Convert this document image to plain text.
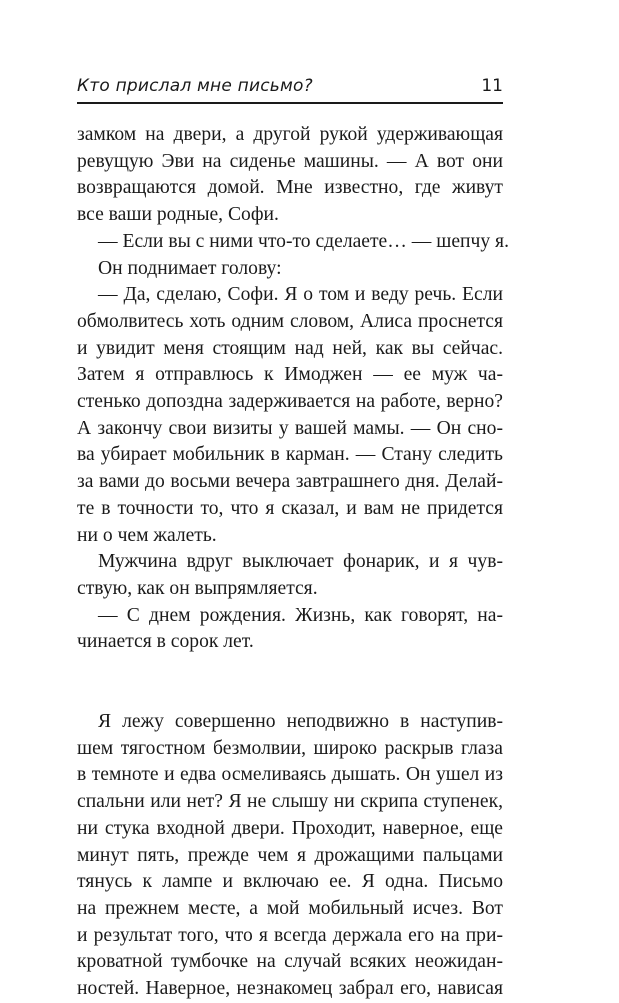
Кто прислал мне письмо?	11
замком на двери, а другой рукой удерживающая
ревущую Эви на сиденье машины. — А вот они
возвращаются домой. Мне известно, где живут
все ваши родные, Софи.
— Если вы с ними что-то сделаете… — шепчу я.
Он поднимает голову:
— Да, сделаю, Софи. Я о том и веду речь. Если
обмолвитесь хоть одним словом, Алиса проснется
и увидит меня стоящим над ней, как вы сейчас.
Затем я отправлюсь к Имоджен — ее муж ча-
стенько допоздна задерживается на работе, верно?
А закончу свои визиты у вашей мамы. — Он сно-
ва убирает мобильник в карман. — Стану следить
за вами до восьми вечера завтрашнего дня. Делай-
те в точности то, что я сказал, и вам не придется
ни о чем жалеть.
Мужчина вдруг выключает фонарик, и я чув-
ствую, как он выпрямляется.
— С днем рождения. Жизнь, как говорят, на-
чинается в сорок лет.
Я лежу совершенно неподвижно в наступив-
шем тягостном безмолвии, широко раскрыв глаза
в темноте и едва осмеливаясь дышать. Он ушел из
спальни или нет? Я не слышу ни скрипа ступенек,
ни стука входной двери. Проходит, наверное, еще
минут пять, прежде чем я дрожащими пальцами
тянусь к лампе и включаю ее. Я одна. Письмо
на прежнем месте, а мой мобильный исчез. Вот
и результат того, что я всегда держала его на при-
кроватной тумбочке на случай всяких неожидан-
ностей. Наверное, незнакомец забрал его, нависая
